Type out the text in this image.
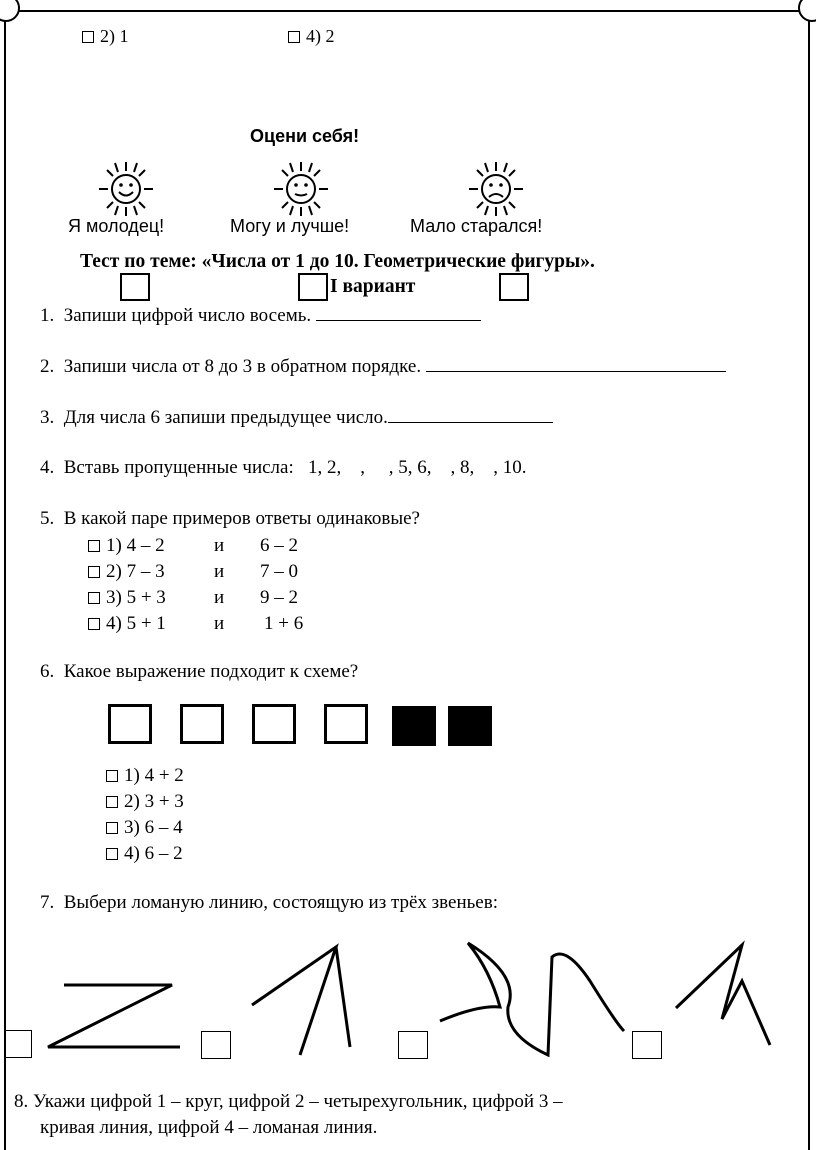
2) 1	4) 2
Оцени себя!
Я молодец!	Могу и лучше!	Мало старался!
Тест по теме: «Числа от 1 до 10. Геометрические фигуры».
I вариант
1. Запиши цифрой число восемь.
2. Запиши числа от 8 до 3 в обратном порядке.
3. Для числа 6 запиши предыдущее число.
4. Вставь пропущенные числа: 1, 2,    ,     , 5, 6,    , 8,    , 10.
5. В какой паре примеров ответы одинаковые?
1) 4 – 2	и 6 – 2
2) 7 – 3	и 7 – 0
3) 5 + 3	и 9 – 2
4) 5 + 1	и 1 + 6
6. Какое выражение подходит к схеме?
1) 4 + 2
2) 3 + 3
3) 6 – 4
4) 6 – 2
7. Выбери ломаную линию, состоящую из трёх звеньев:
8. Укажи цифрой 1 – круг, цифрой 2 – четырехугольник, цифрой 3 –
кривая линия, цифрой 4 – ломаная линия.
